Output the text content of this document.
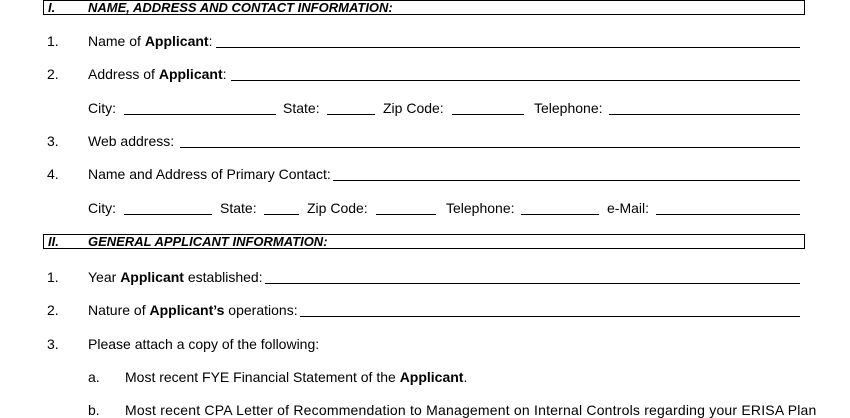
I.	NAME, ADDRESS AND CONTACT INFORMATION:
1. Name of Applicant:
2. Address of Applicant:
City:	State:	Zip Code:	Telephone:
3. Web address:
4. Name and Address of Primary Contact:
City:	State:	Zip Code:	Telephone:	e-Mail:
II. GENERAL APPLICANT INFORMATION:
1. Year Applicant established:
2. Nature of Applicant’s operations:
3. Please attach a copy of the following:
a. Most recent FYE Financial Statement of the Applicant.
b. Most recent CPA Letter of Recommendation to Management on Internal Controls regarding your ERISA Plan
